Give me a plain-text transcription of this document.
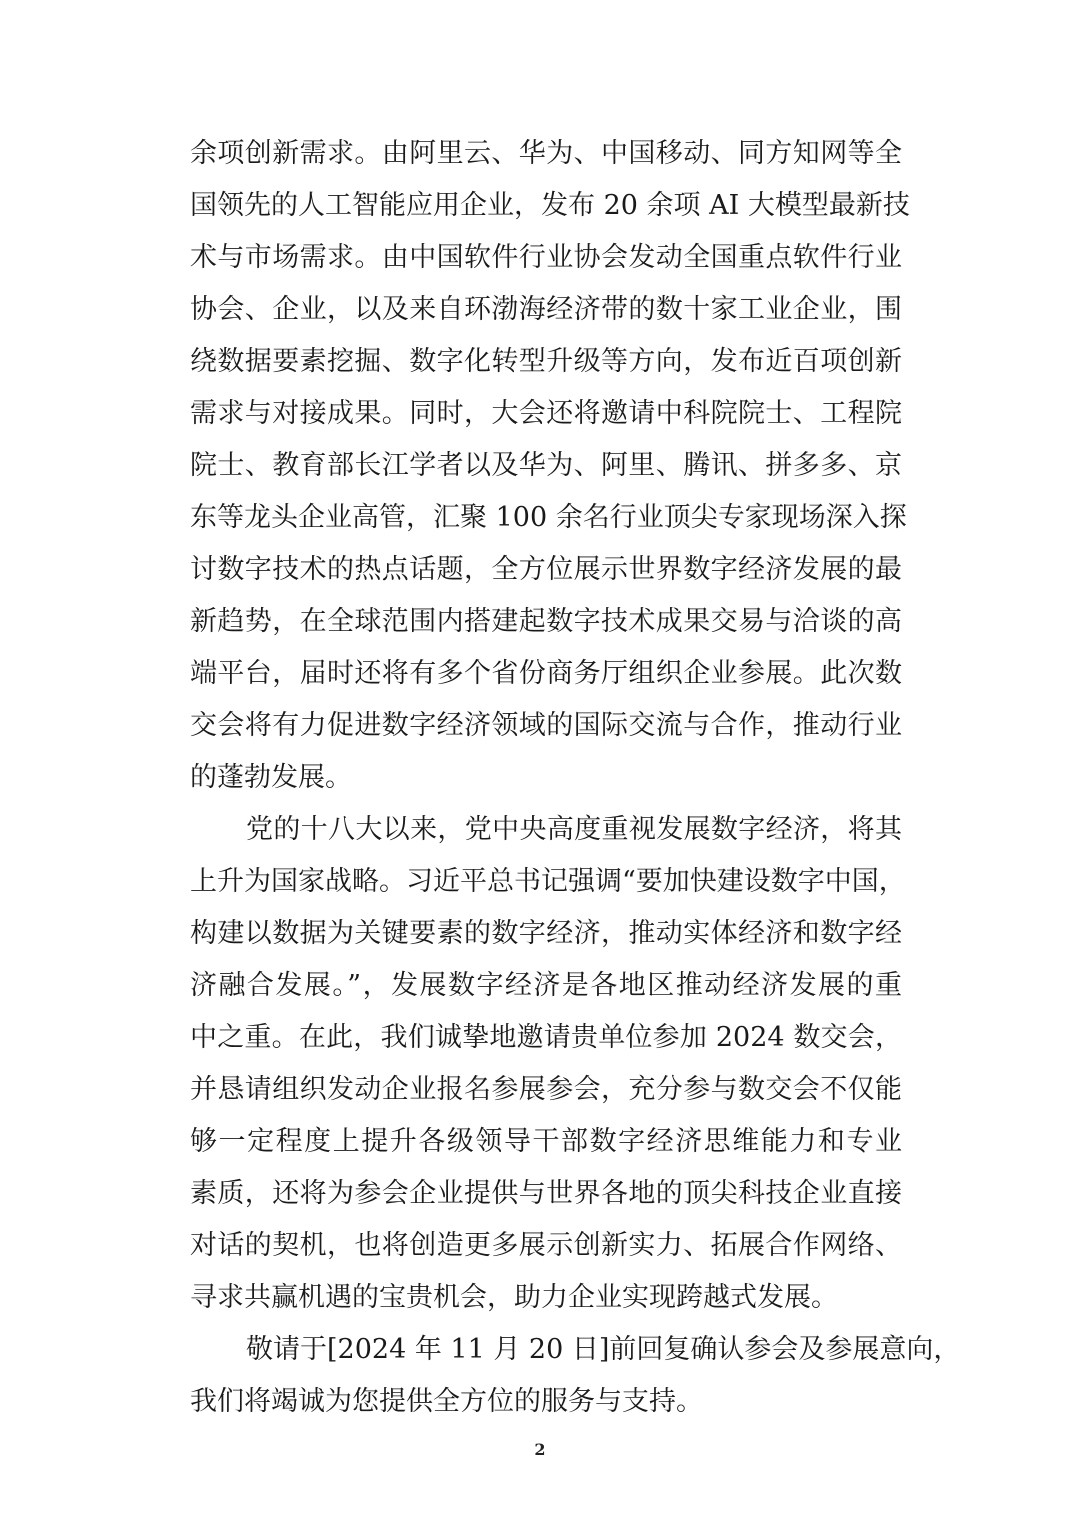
余项创新需求。由阿里云、华为、中国移动、同方知网等全
国领先的人工智能应用企业，发布 20 余项 AI 大模型最新技
术与市场需求。由中国软件行业协会发动全国重点软件行业
协会、企业，以及来自环渤海经济带的数十家工业企业，围
绕数据要素挖掘、数字化转型升级等方向，发布近百项创新
需求与对接成果。同时，大会还将邀请中科院院士、工程院
院士、教育部长江学者以及华为、阿里、腾讯、拼多多、京
东等龙头企业高管，汇聚 100 余名行业顶尖专家现场深入探
讨数字技术的热点话题，全方位展示世界数字经济发展的最
新趋势，在全球范围内搭建起数字技术成果交易与洽谈的高
端平台，届时还将有多个省份商务厅组织企业参展。此次数
交会将有力促进数字经济领域的国际交流与合作，推动行业
的蓬勃发展。
党的十八大以来，党中央高度重视发展数字经济，将其
上升为国家战略。习近平总书记强调“要加快建设数字中国，
构建以数据为关键要素的数字经济，推动实体经济和数字经
济融合发展。”，发展数字经济是各地区推动经济发展的重
中之重。在此，我们诚挚地邀请贵单位参加 2024 数交会，
并恳请组织发动企业报名参展参会，充分参与数交会不仅能
够一定程度上提升各级领导干部数字经济思维能力和专业
素质，还将为参会企业提供与世界各地的顶尖科技企业直接
对话的契机，也将创造更多展示创新实力、拓展合作网络、
寻求共赢机遇的宝贵机会，助力企业实现跨越式发展。
敬请于[2024 年 11 月 20 日]前回复确认参会及参展意向，
我们将竭诚为您提供全方位的服务与支持。
2
